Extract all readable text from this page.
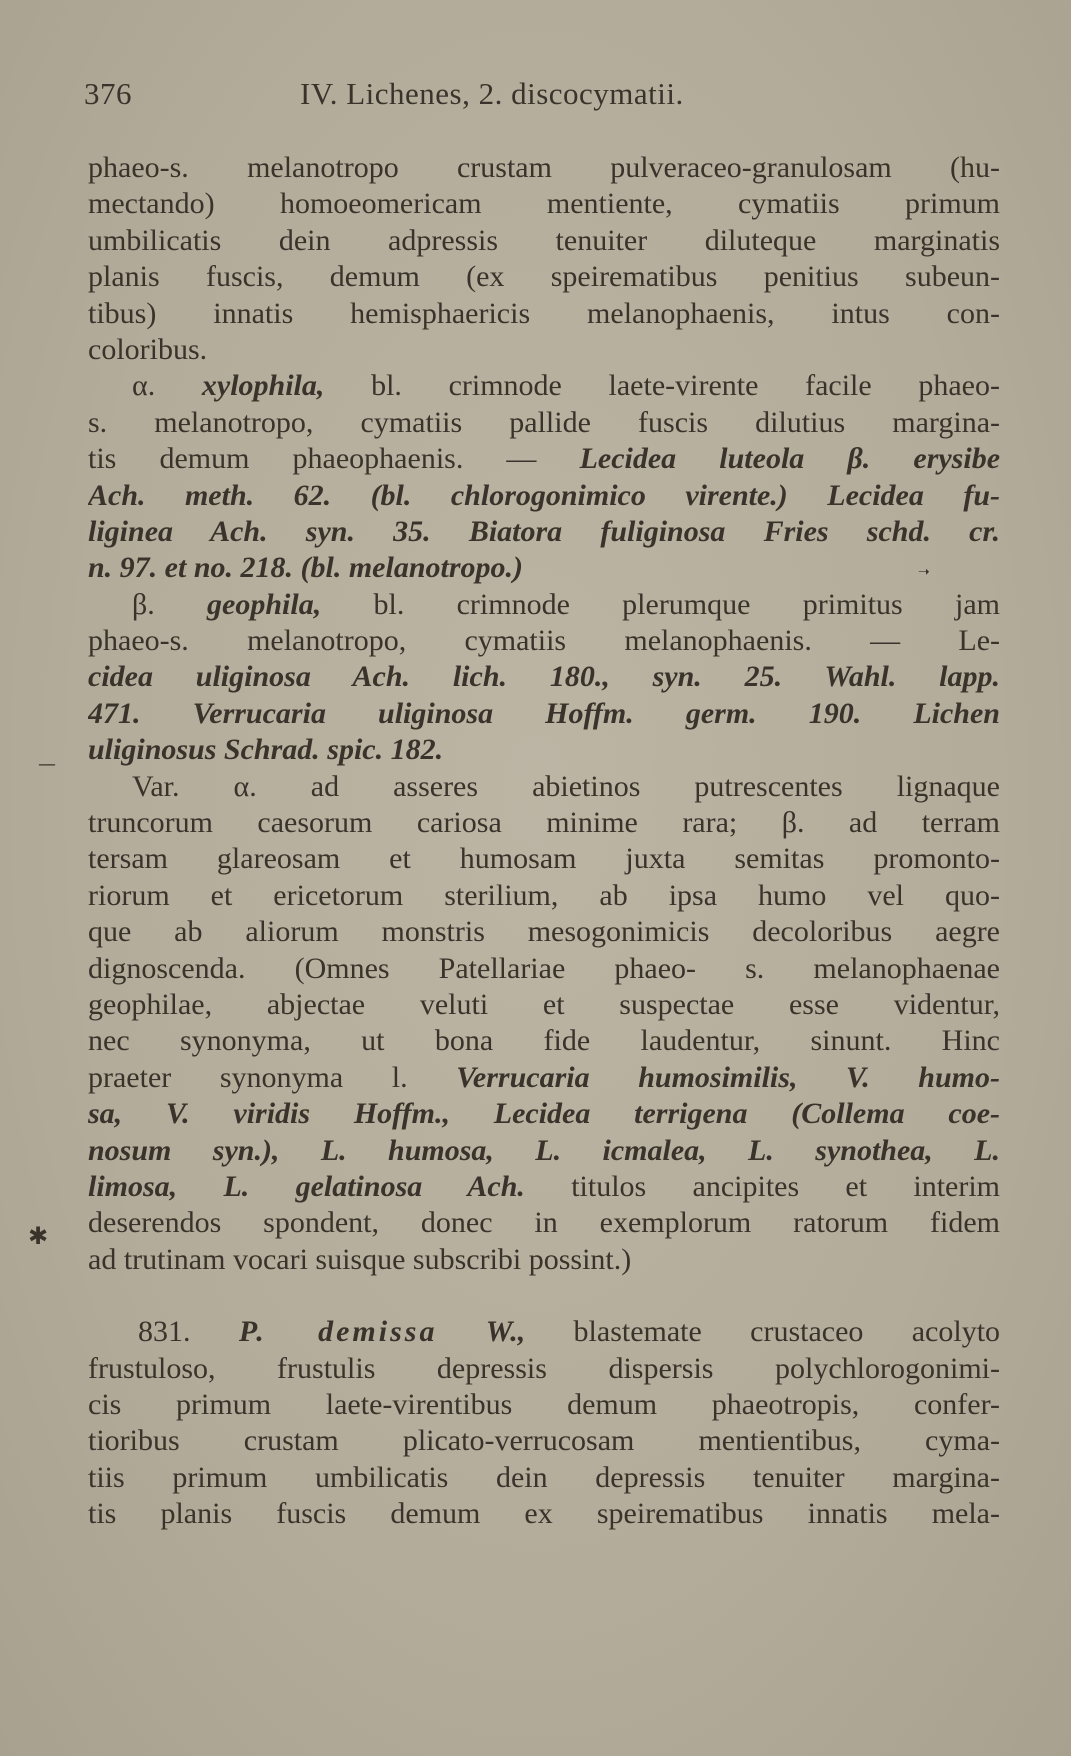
376	IV. Lichenes, 2. discocymatii.
phaeo-s. melanotropo crustam pulveraceo-granulosam (hu-
mectando) homoeomericam mentiente, cymatiis primum
umbilicatis dein adpressis tenuiter diluteque marginatis
planis fuscis, demum (ex speirematibus penitius subeun-
tibus) innatis hemisphaericis melanophaenis, intus con-
coloribus.
α. xylophila, bl. crimnode laete-virente facile phaeo-
s. melanotropo, cymatiis pallide fuscis dilutius margina-
tis demum phaeophaenis. — Lecidea luteola β. erysibe
Ach. meth. 62. (bl. chlorogonimico virente.) Lecidea fu-
liginea Ach. syn. 35. Biatora fuliginosa Fries schd. cr.
n. 97. et no. 218. (bl. melanotropo.)
β. geophila, bl. crimnode plerumque primitus jam
phaeo-s. melanotropo, cymatiis melanophaenis. — Le-
cidea uliginosa Ach. lich. 180., syn. 25. Wahl. lapp.
471. Verrucaria uliginosa Hoffm. germ. 190. Lichen
uliginosus Schrad. spic. 182.
Var. α. ad asseres abietinos putrescentes lignaque
truncorum caesorum cariosa minime rara; β. ad terram
tersam glareosam et humosam juxta semitas promonto-
riorum et ericetorum sterilium, ab ipsa humo vel quo-
que ab aliorum monstris mesogonimicis decoloribus aegre
dignoscenda. (Omnes Patellariae phaeo- s. melanophaenae
geophilae, abjectae veluti et suspectae esse videntur,
nec synonyma, ut bona fide laudentur, sinunt. Hinc
praeter synonyma l. Verrucaria humosimilis, V. humo-
sa, V. viridis Hoffm., Lecidea terrigena (Collema coe-
nosum syn.), L. humosa, L. icmalea, L. synothea, L.
limosa, L. gelatinosa Ach. titulos ancipites et interim
deserendos spondent, donec in exemplorum ratorum fidem
ad trutinam vocari suisque subscribi possint.)
831. P. demissa W., blastemate crustaceo acolyto
frustuloso, frustulis depressis dispersis polychlorogonimi-
cis primum laete-virentibus demum phaeotropis, confer-
tioribus crustam plicato-verrucosam mentientibus, cyma-
tiis primum umbilicatis dein depressis tenuiter margina-
tis planis fuscis demum ex speirematibus innatis mela-
✱
—
➝
